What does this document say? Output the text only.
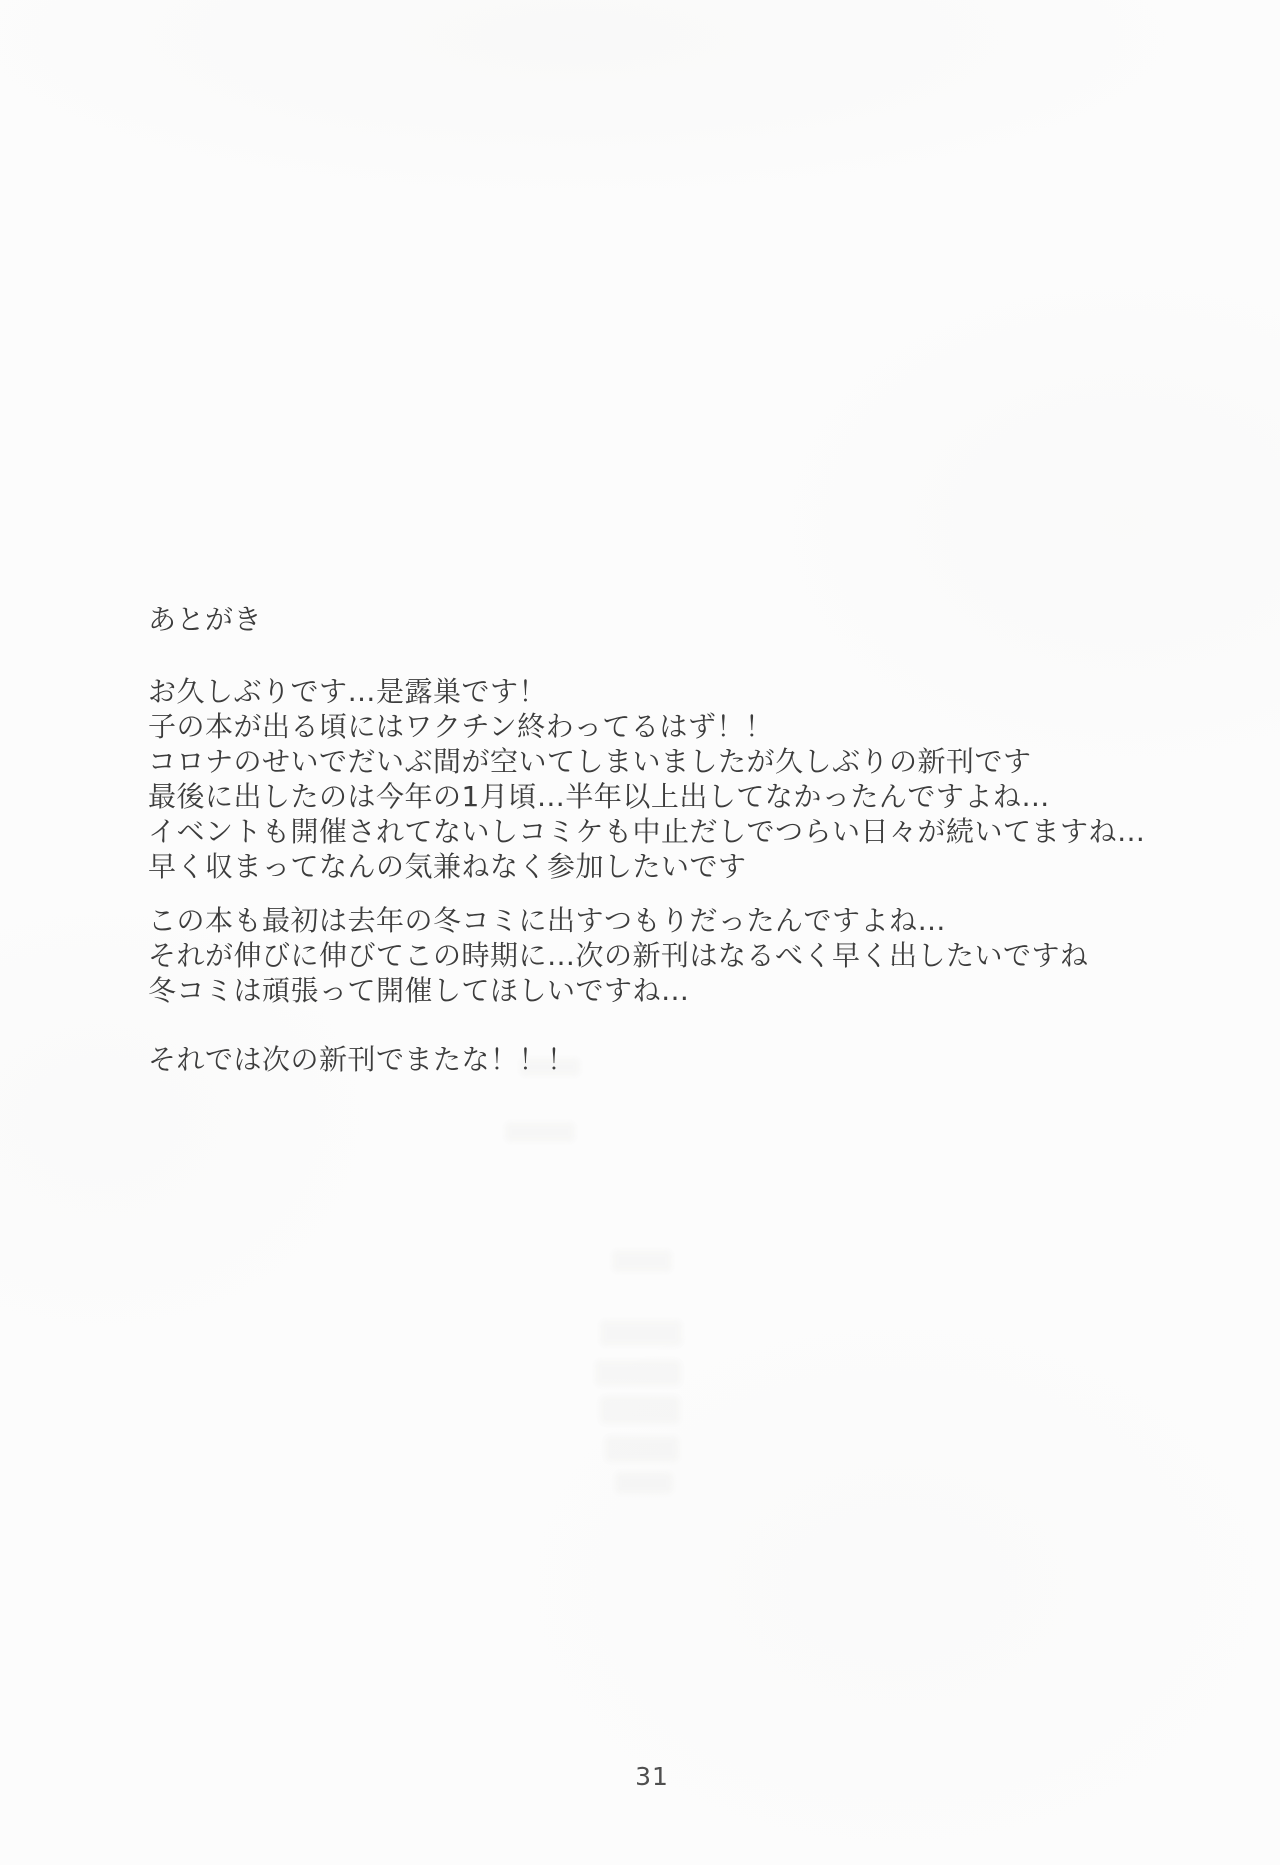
あとがき
お久しぶりです…是露巣です！
子の本が出る頃にはワクチン終わってるはず！！
コロナのせいでだいぶ間が空いてしまいましたが久しぶりの新刊です
最後に出したのは今年の1月頃…半年以上出してなかったんですよね…
イベントも開催されてないしコミケも中止だしでつらい日々が続いてますね…
早く収まってなんの気兼ねなく参加したいです
この本も最初は去年の冬コミに出すつもりだったんですよね…
それが伸びに伸びてこの時期に…次の新刊はなるべく早く出したいですね
冬コミは頑張って開催してほしいですね…
それでは次の新刊でまたな！！！
31
